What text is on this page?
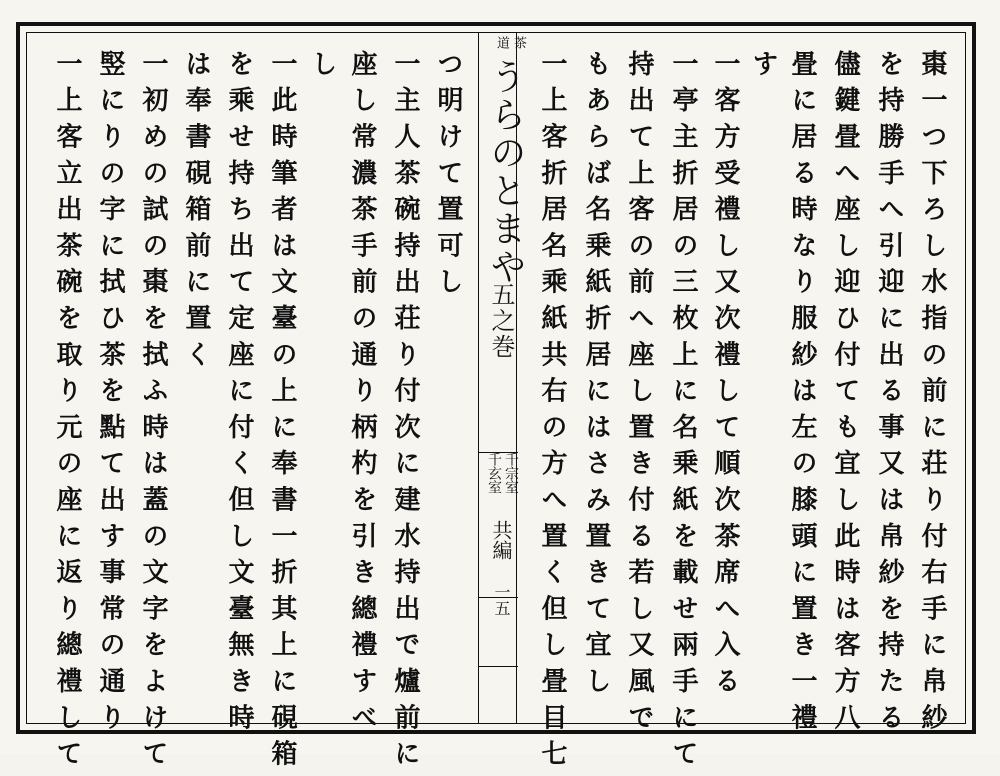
茶
道
うらのとまや
五之巻
千宗室
千玄室
共編
一五	棗一つ下ろし水指の前に荘り付右手に帛紗
を持勝手へ引迎に出る事又は帛紗を持たる
儘鍵畳へ座し迎ひ付ても宜し此時は客方八
畳に居る時なり服紗は左の膝頭に置き一禮
す
一客方受禮し又次禮して順次茶席へ入る
一亭主折居の三枚上に名乗紙を載せ兩手にて
持出て上客の前へ座し置き付る若し又風で
もあらば名乗紙折居にはさみ置きて宜し
一上客折居名乘紙共右の方へ置く但し畳目七
つ明けて置可し
一主人茶碗持出荘り付次に建水持出で爐前に
座し常濃茶手前の通り柄杓を引き總禮すべ
し
一此時筆者は文臺の上に奉書一折其上に硯箱
を乘せ持ち出て定座に付く但し文臺無き時
は奉書硯箱前に置く
一初めの試の棗を拭ふ時は蓋の文字をよけて
竪にりの字に拭ひ茶を點て出す事常の通り
一上客立出茶碗を取り元の座に返り總禮して
